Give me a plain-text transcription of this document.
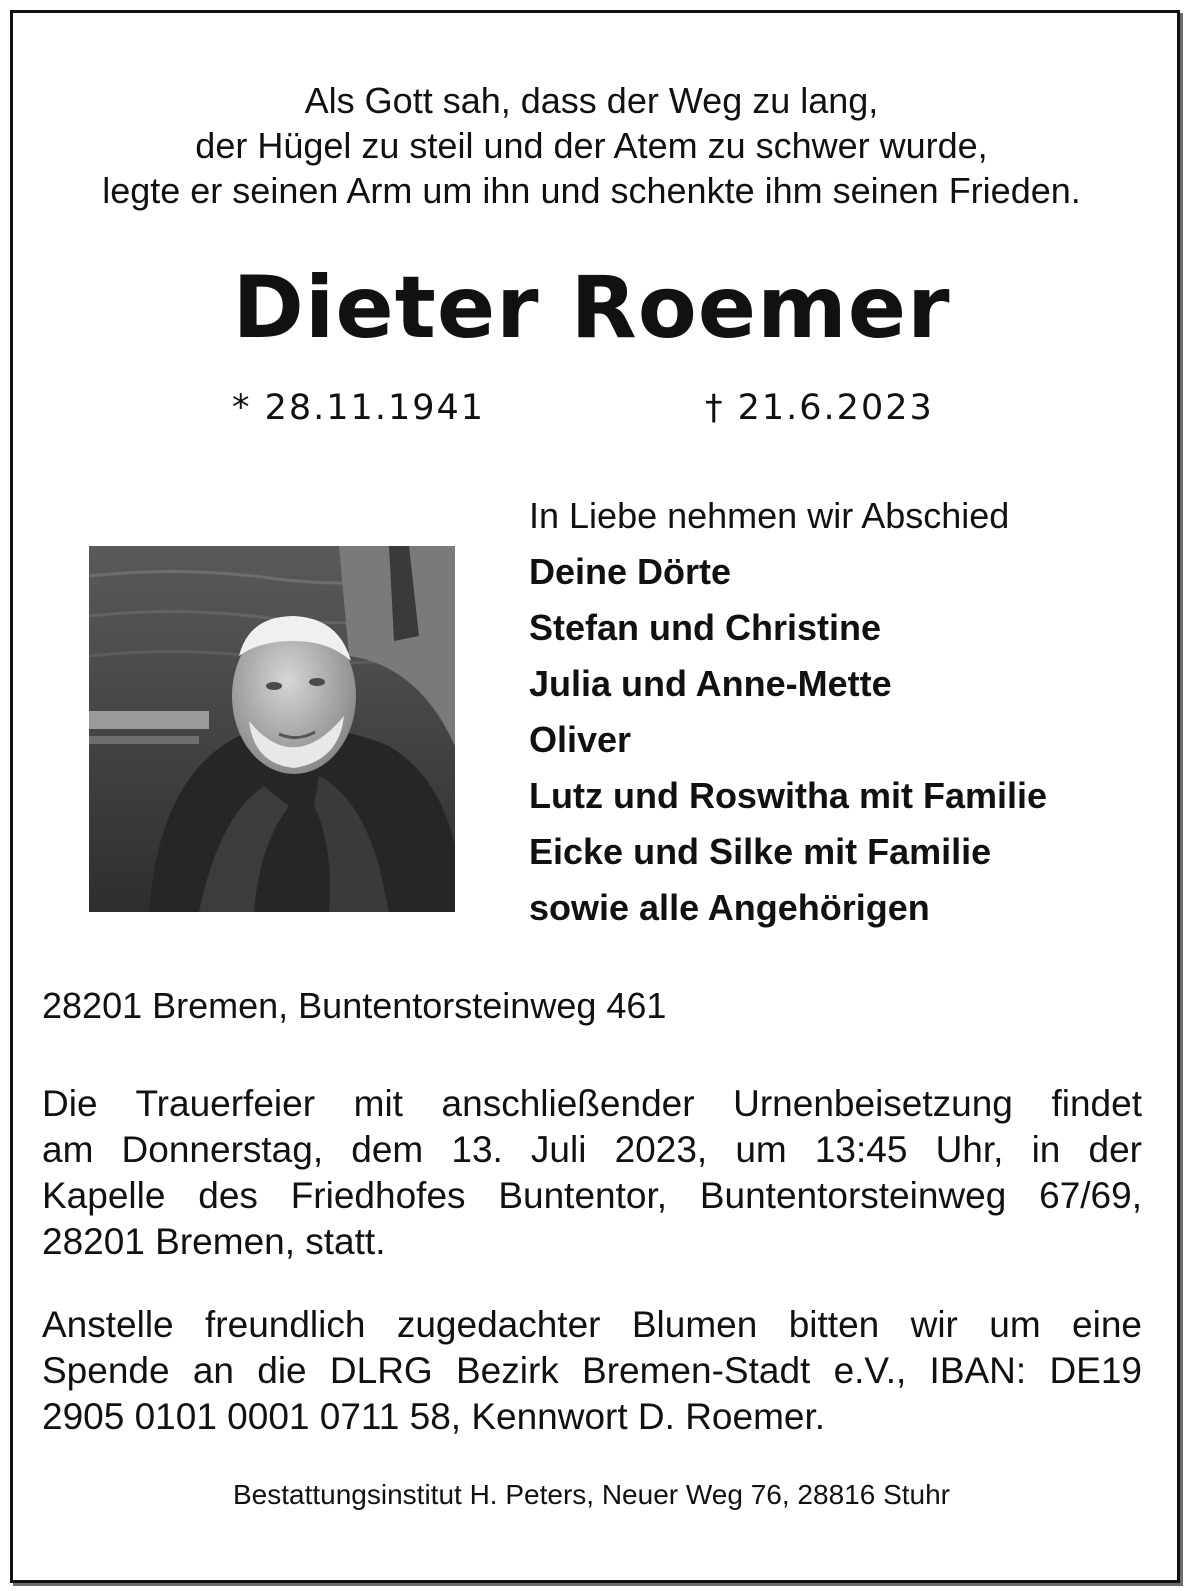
Als Gott sah, dass der Weg zu lang,
der Hügel zu steil und der Atem zu schwer wurde,
legte er seinen Arm um ihn und schenkte ihm seinen Frieden.
Dieter Roemer
* 28.11.1941	† 21.6.2023
In Liebe nehmen wir Abschied
Deine Dörte
Stefan und Christine
Julia und Anne-Mette
Oliver
Lutz und Roswitha mit Familie
Eicke und Silke mit Familie
sowie alle Angehörigen
28201 Bremen, Buntentorsteinweg 461
Die Trauerfeier mit anschließender Urnenbeisetzung findet
am Donnerstag, dem 13. Juli 2023, um 13:45 Uhr, in der
Kapelle des Friedhofes Buntentor, Buntentorsteinweg 67/69,
28201 Bremen, statt.
Anstelle freundlich zugedachter Blumen bitten wir um eine
Spende an die DLRG Bezirk Bremen-Stadt e.V., IBAN: DE19
2905 0101 0001 0711 58, Kennwort D. Roemer.
Bestattungsinstitut H. Peters, Neuer Weg 76, 28816 Stuhr
